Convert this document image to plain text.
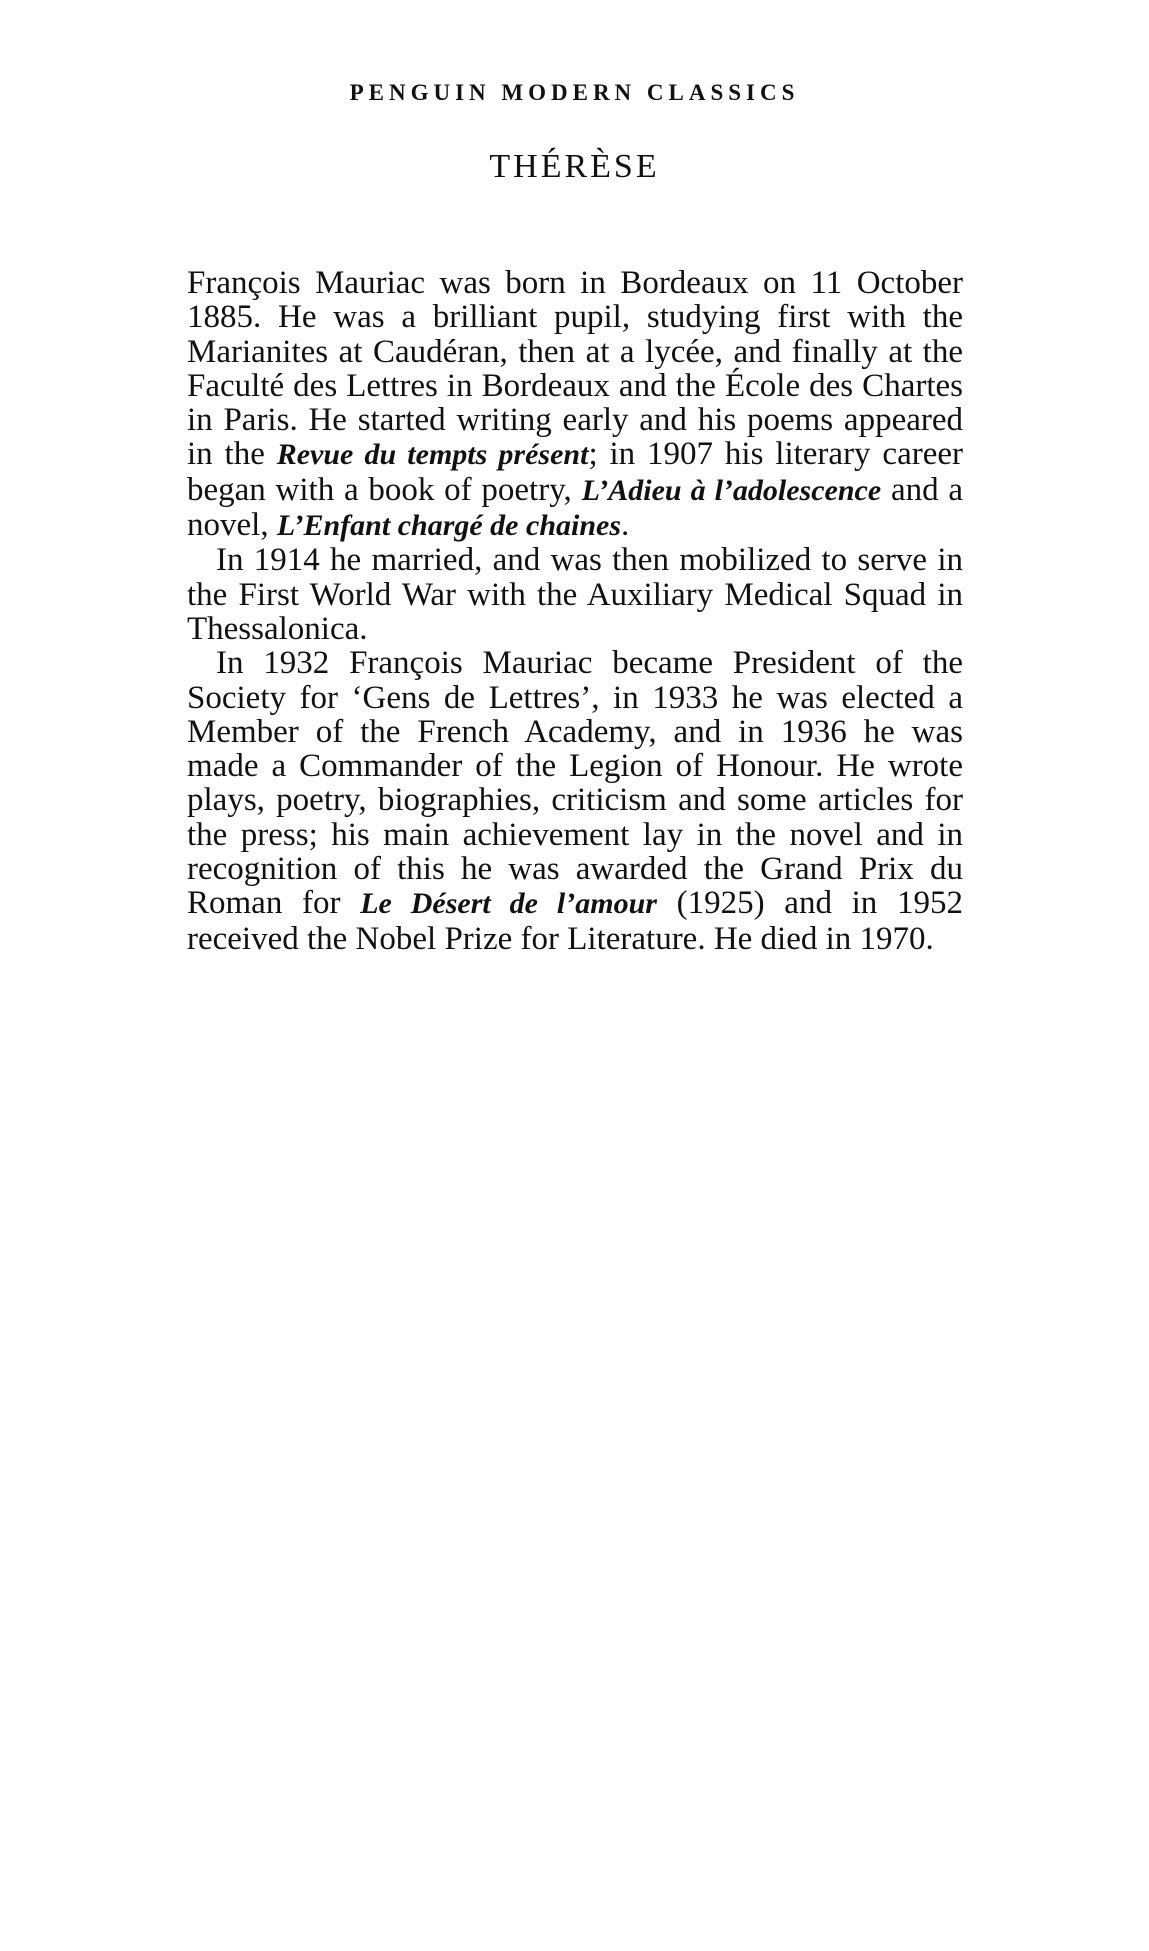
PENGUIN MODERN CLASSICS
THÉRÈSE

François Mauriac was born in Bordeaux on 11 October 1885. He was a brilliant pupil, studying first with the Marianites at Caudéran, then at a lycée, and finally at the Faculté des Lettres in Bordeaux and the École des Chartes in Paris. He started writing early and his poems appeared in the Revue du tempts présent; in 1907 his literary career began with a book of poetry, L’Adieu à l’adolescence and a novel, L’Enfant chargé de chaines.

In 1914 he married, and was then mobilized to serve in the First World War with the Auxiliary Medical Squad in Thessalonica.

In 1932 François Mauriac became President of the Society for ‘Gens de Lettres’, in 1933 he was elected a Member of the French Academy, and in 1936 he was made a Commander of the Legion of Honour. He wrote plays, poetry, biographies, criticism and some articles for the press; his main achievement lay in the novel and in recognition of this he was awarded the Grand Prix du Roman for Le Désert de l’amour (1925) and in 1952 received the Nobel Prize for Literature. He died in 1970.
